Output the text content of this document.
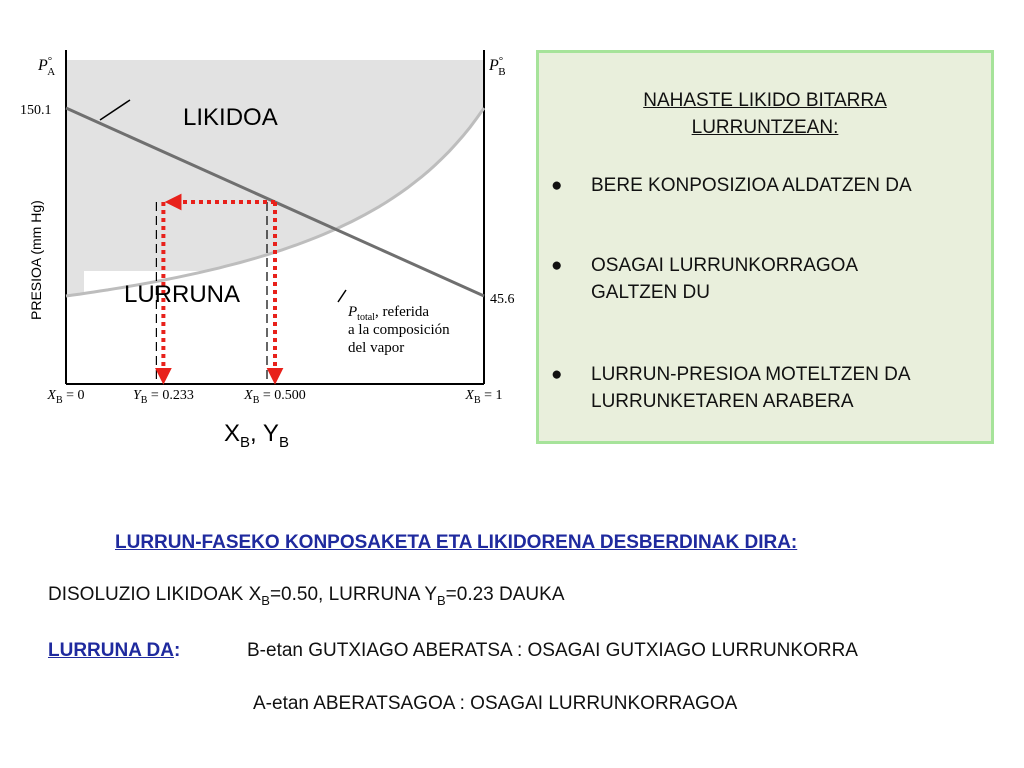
P° A	P° B
150.1
45.6
PRESIOA (mm Hg)
LIKIDOA
LURRUNA
$P_{total}$, referida a la composición del vapor
$X_B = 0$	$Y_B = 0.233$	$X_B = 0.500$	$X_B = 1$
$X_B$, $Y_B$
NAHASTE LIKIDO BITARRA
LURRUNTZEAN:
● BERE KONPOSIZIOA ALDATZEN DA
● OSAGAI LURRUNKORRAGOA
GALTZEN DU
● LURRUN-PRESIOA MOTELTZEN DA
LURRUNKETAREN ARABERA
LURRUN-FASEKO KONPOSAKETA ETA LIKIDORENA DESBERDINAK DIRA:
DISOLUZIO LIKIDOAK $X_B=0.50$, LURRUNA $Y_B=0.23$ DAUKA
LURRUNA DA:	B-etan GUTXIAGO ABERATSA : OSAGAI GUTXIAGO LURRUNKORRA
A-etan ABERATSAGOA : OSAGAI LURRUNKORRAGOA
